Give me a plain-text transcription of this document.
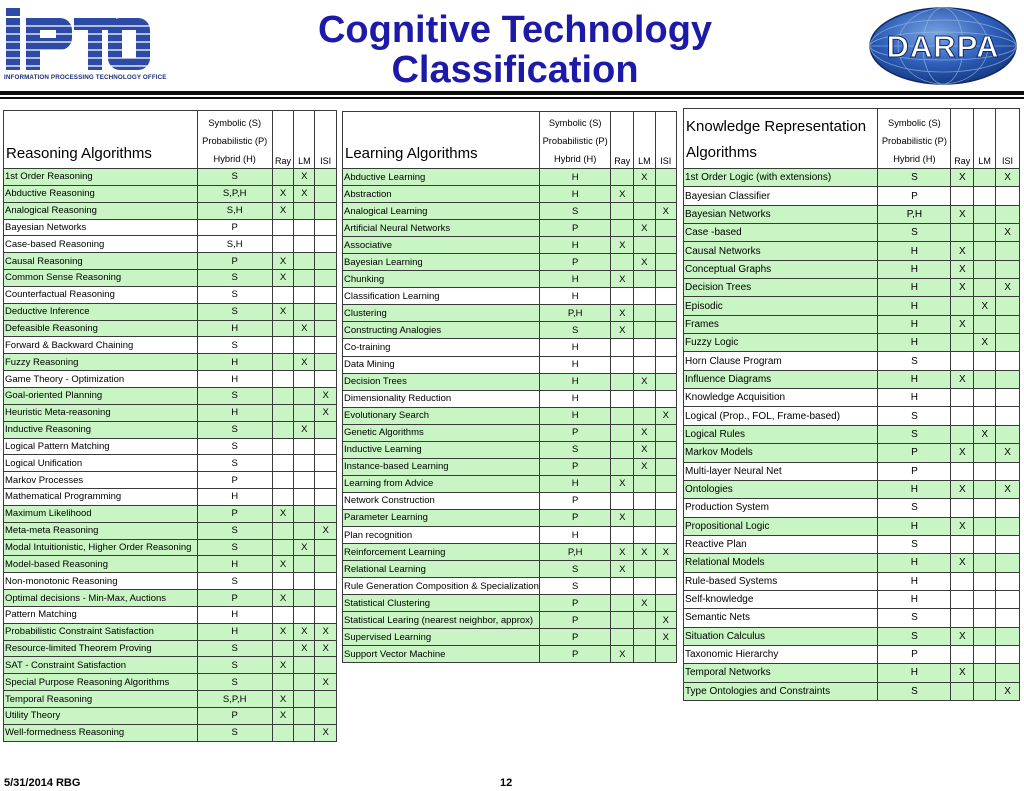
INFORMATION PROCESSING TECHNOLOGY OFFICE
Cognitive Technology
Classification
DARPA
Reasoning Algorithms	Symbolic (S)
Probabilistic (P)
Hybrid (H)	Ray	LM	ISI
1st Order Reasoning	S		X	
Abductive Reasoning	S,P,H	X	X	
Analogical Reasoning	S,H	X		
Bayesian Networks	P			
Case-based Reasoning	S,H			
Causal Reasoning	P	X		
Common Sense Reasoning	S	X		
Counterfactual Reasoning	S			
Deductive Inference	S	X		
Defeasible Reasoning	H		X	
Forward & Backward Chaining	S			
Fuzzy Reasoning	H		X	
Game Theory - Optimization	H			
Goal-oriented Planning	S			X
Heuristic Meta-reasoning	H			X
Inductive Reasoning	S		X	
Logical Pattern Matching	S			
Logical Unification	S			
Markov Processes	P			
Mathematical Programming	H			
Maximum Likelihood	P	X		
Meta-meta Reasoning	S			X
Modal Intuitionistic, Higher Order Reasoning	S		X	
Model-based Reasoning	H	X		
Non-monotonic Reasoning	S			
Optimal decisions - Min-Max, Auctions	P	X		
Pattern Matching	H			
Probabilistic Constraint Satisfaction	H	X	X	X
Resource-limited Theorem Proving	S		X	X
SAT - Constraint Satisfaction	S	X		
Special Purpose Reasoning Algorithms	S			X
Temporal Reasoning	S,P,H	X		
Utility Theory	P	X		
Well-formedness Reasoning	S			X
Learning Algorithms	Symbolic (S)
Probabilistic (P)
Hybrid (H)	Ray	LM	ISI
Abductive Learning	H		X	
Abstraction	H	X		
Analogical Learning	S			X
Artificial Neural Networks	P		X	
Associative	H	X		
Bayesian Learning	P		X	
Chunking	H	X		
Classification Learning	H			
Clustering	P,H	X		
Constructing Analogies	S	X		
Co-training	H			
Data Mining	H			
Decision Trees	H		X	
Dimensionality Reduction	H			
Evolutionary Search	H			X
Genetic Algorithms	P		X	
Inductive Learning	S		X	
Instance-based Learning	P		X	
Learning from Advice	H	X		
Network Construction	P			
Parameter Learning	P	X		
Plan recognition	H			
Reinforcement Learning	P,H	X	X	X
Relational Learning	S	X		
Rule Generation Composition & Specialization	S			
Statistical Clustering	P		X	
Statistical Learing (nearest neighbor, approx)	P			X
Supervised Learning	P			X
Support Vector Machine	P	X		
Knowledge Representation Algorithms	Symbolic (S)
Probabilistic (P)
Hybrid (H)	Ray	LM	ISI
1st Order Logic (with extensions)	S	X		X
Bayesian Classifier	P			
Bayesian Networks	P,H	X		
Case -based	S			X
Causal Networks	H	X		
Conceptual Graphs	H	X		
Decision Trees	H	X		X
Episodic	H		X	
Frames	H	X		
Fuzzy Logic	H		X	
Horn Clause Program	S			
Influence Diagrams	H	X		
Knowledge Acquisition	H			
Logical (Prop., FOL, Frame-based)	S			
Logical Rules	S		X	
Markov Models	P	X		X
Multi-layer Neural Net	P			
Ontologies	H	X		X
Production System	S			
Propositional Logic	H	X		
Reactive Plan	S			
Relational Models	H	X		
Rule-based Systems	H			
Self-knowledge	H			
Semantic Nets	S			
Situation Calculus	S	X		
Taxonomic Hierarchy	P			
Temporal Networks	H	X		
Type Ontologies and Constraints	S			X
5/31/2014 RBG	12
